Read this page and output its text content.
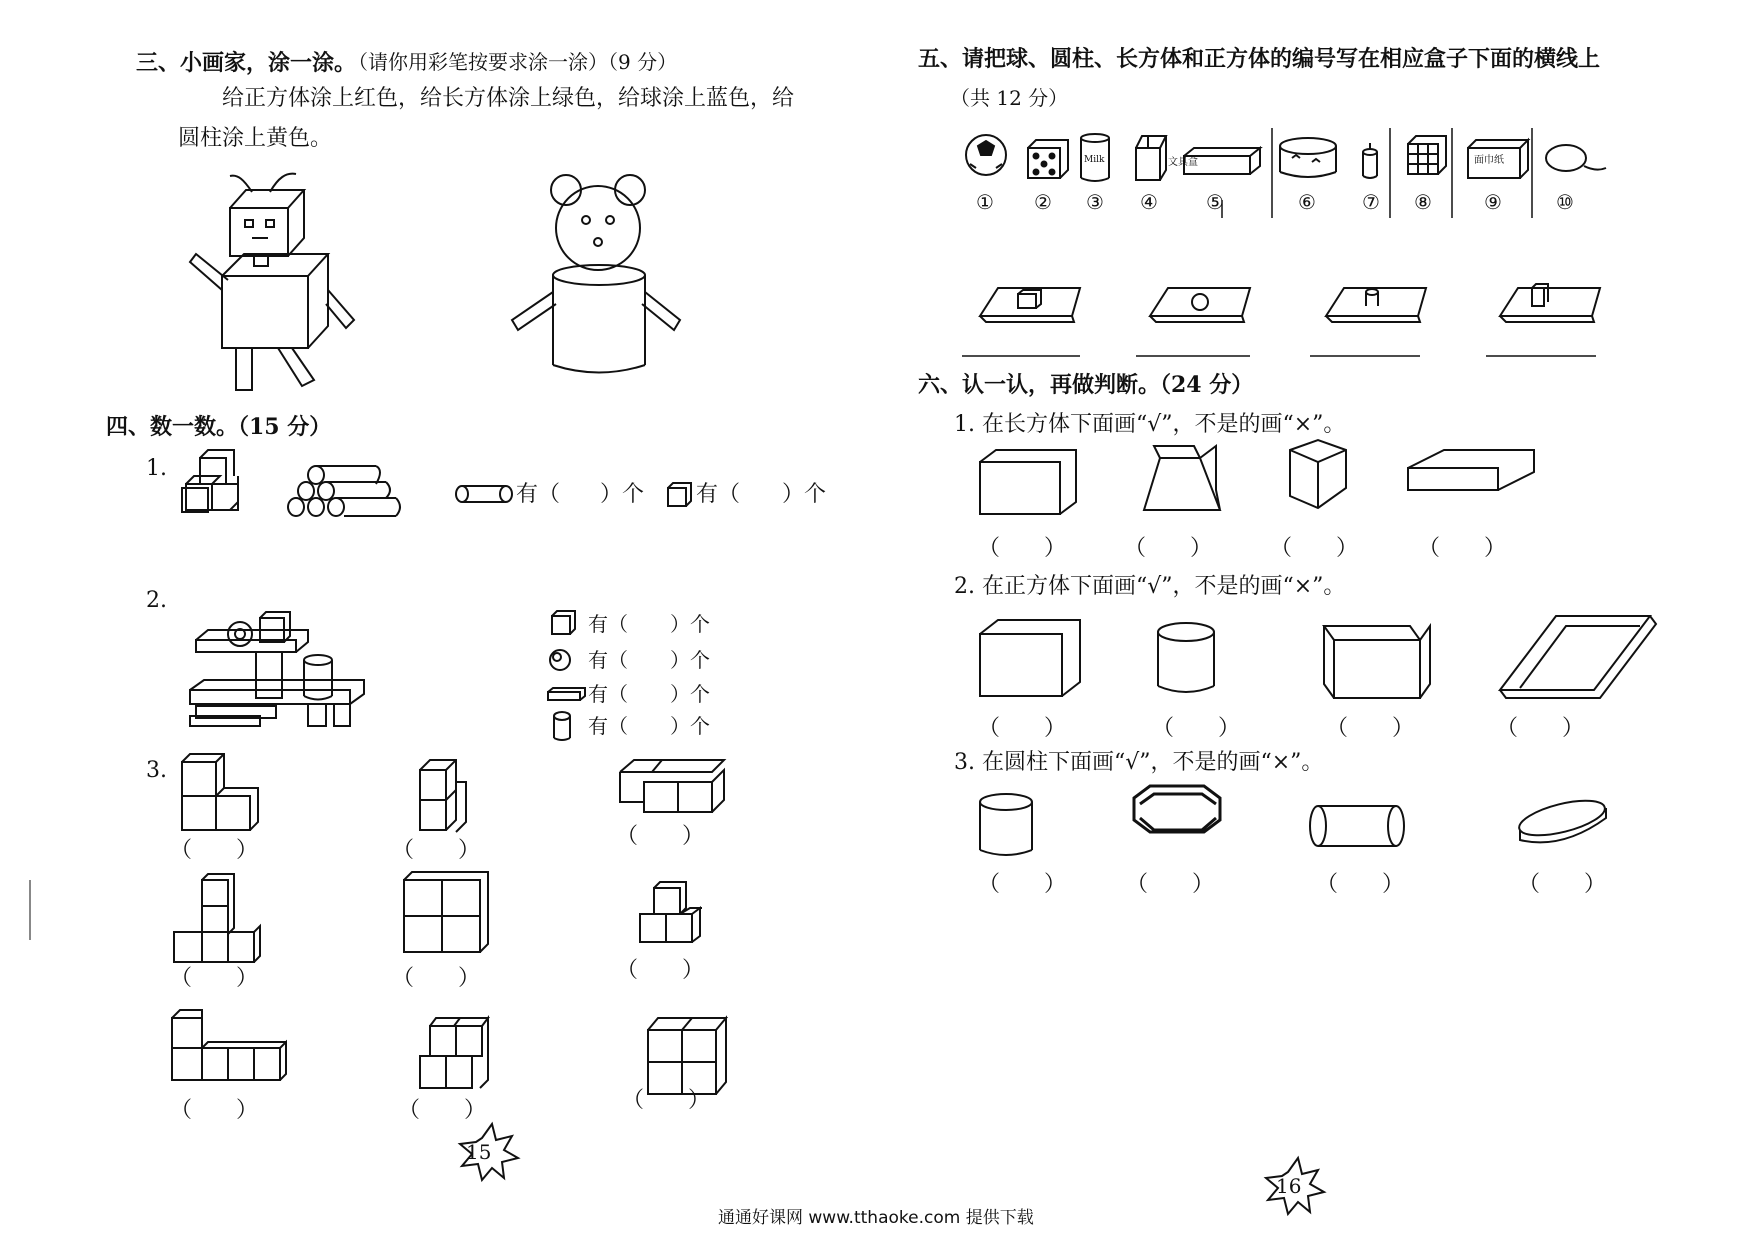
三、小画家，涂一涂。
（请你用彩笔按要求涂一涂）（9 分）
给正方体涂上红色，给长方体涂上绿色，给球涂上蓝色，给
圆柱涂上黄色。
四、数一数。（15 分）
1.
有（ ）个 有（ ）个
2.
有（ ）个
有（ ）个
有（ ）个
有（ ）个
3.
（　　）	（　　）
（　　）
（　　）	（　　）	（　　）
（　　）	（　　）	（　　）
15
五、请把球、圆柱、长方体和正方体的编号写在相应盒子下面的横线上
（共 12 分）
文具盒
Milk	面巾纸
① ② ③ ④ ⑤	⑥ ⑦ ⑧	⑨	⑩
六、认一认，再做判断。（24 分）
1. 在长方体下面画“√”，不是的画“×”。
（　　）	（　　）	（　　）	（　　）
2. 在正方体下面画“√”，不是的画“×”。
（　　）	（　　）	（　　）	（　　）
3. 在圆柱下面画“√”，不是的画“×”。
（　　）	（　　）	（　　）	（　　）
16
通通好课网 www.tthaoke.com 提供下载
